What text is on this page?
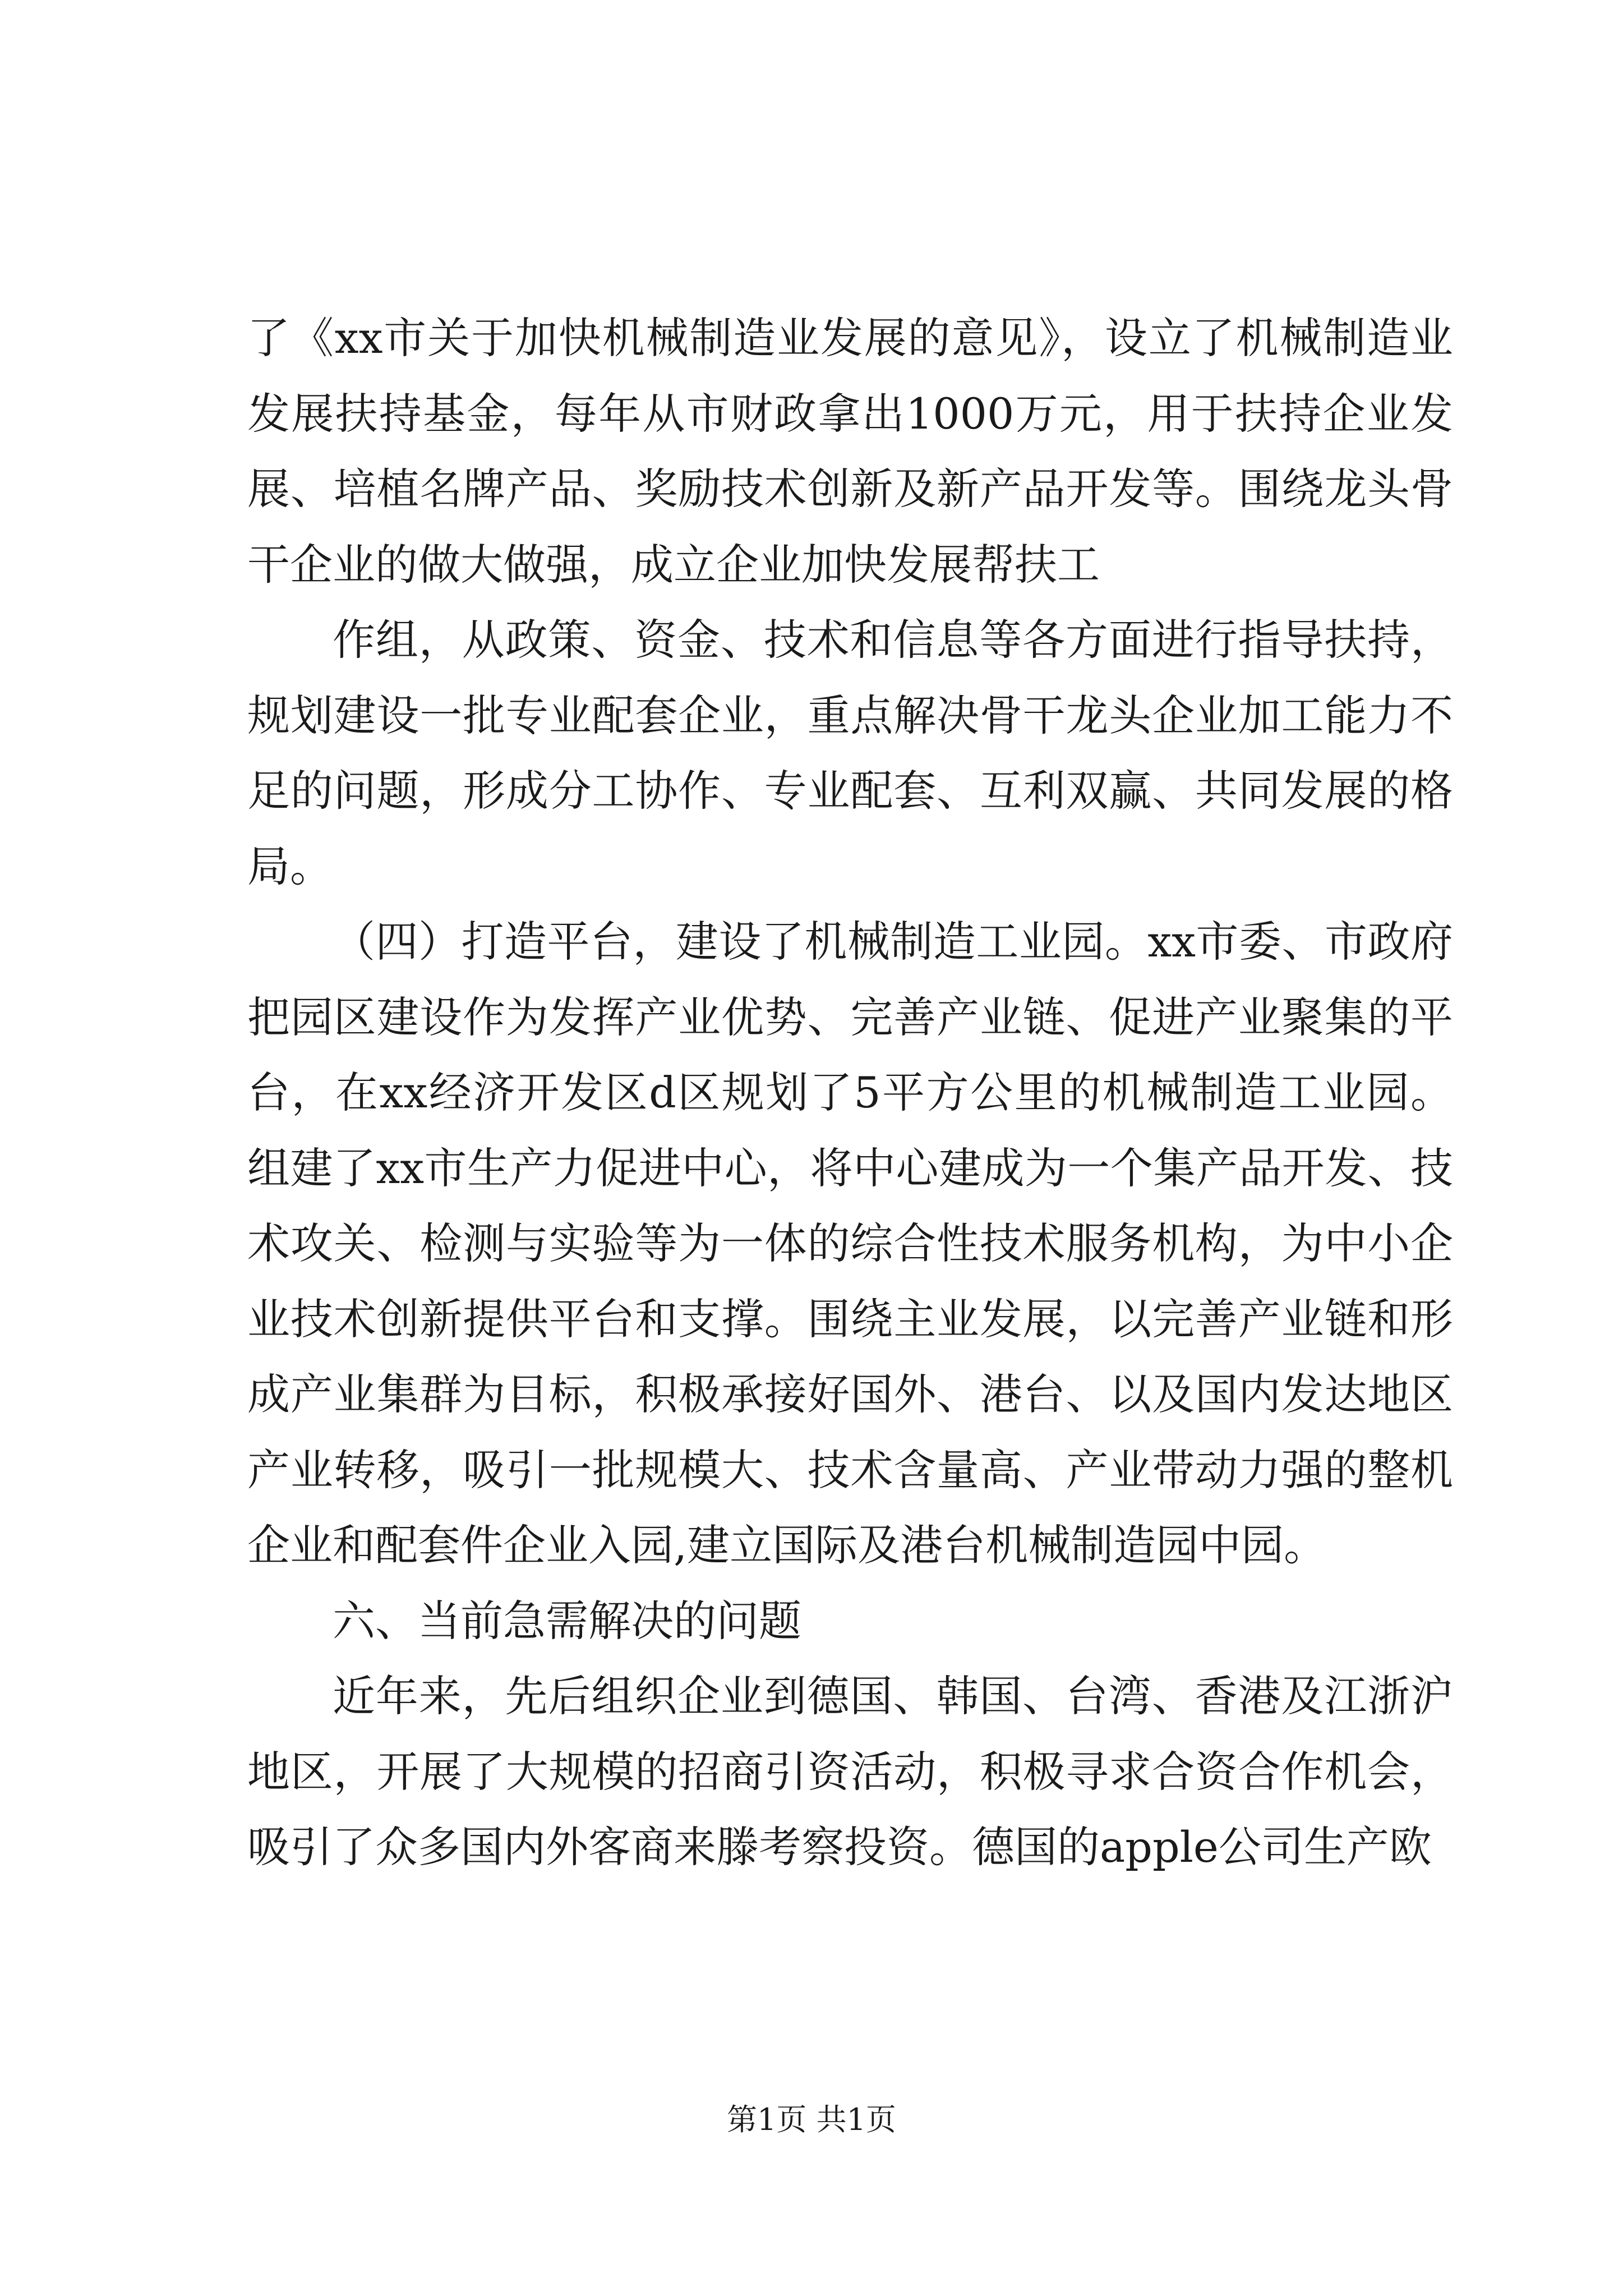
了《xx市关于加快机械制造业发展的意见》，设立了机械制造业发展扶持基金，每年从市财政拿出1000万元，用于扶持企业发展、培植名牌产品、奖励技术创新及新产品开发等。围绕龙头骨干企业的做大做强，成立企业加快发展帮扶工

作组，从政策、资金、技术和信息等各方面进行指导扶持，规划建设一批专业配套企业，重点解决骨干龙头企业加工能力不足的问题，形成分工协作、专业配套、互利双赢、共同发展的格局。

（四）打造平台，建设了机械制造工业园。xx市委、市政府把园区建设作为发挥产业优势、完善产业链、促进产业聚集的平台，在xx经济开发区d区规划了5平方公里的机械制造工业园。组建了xx市生产力促进中心，将中心建成为一个集产品开发、技术攻关、检测与实验等为一体的综合性技术服务机构，为中小企业技术创新提供平台和支撑。围绕主业发展，以完善产业链和形成产业集群为目标，积极承接好国外、港台、以及国内发达地区产业转移，吸引一批规模大、技术含量高、产业带动力强的整机企业和配套件企业入园,建立国际及港台机械制造园中园。

六、当前急需解决的问题

近年来，先后组织企业到德国、韩国、台湾、香港及江浙沪地区，开展了大规模的招商引资活动，积极寻求合资合作机会，吸引了众多国内外客商来滕考察投资。德国的apple公司生产欧

第1页 共1页
